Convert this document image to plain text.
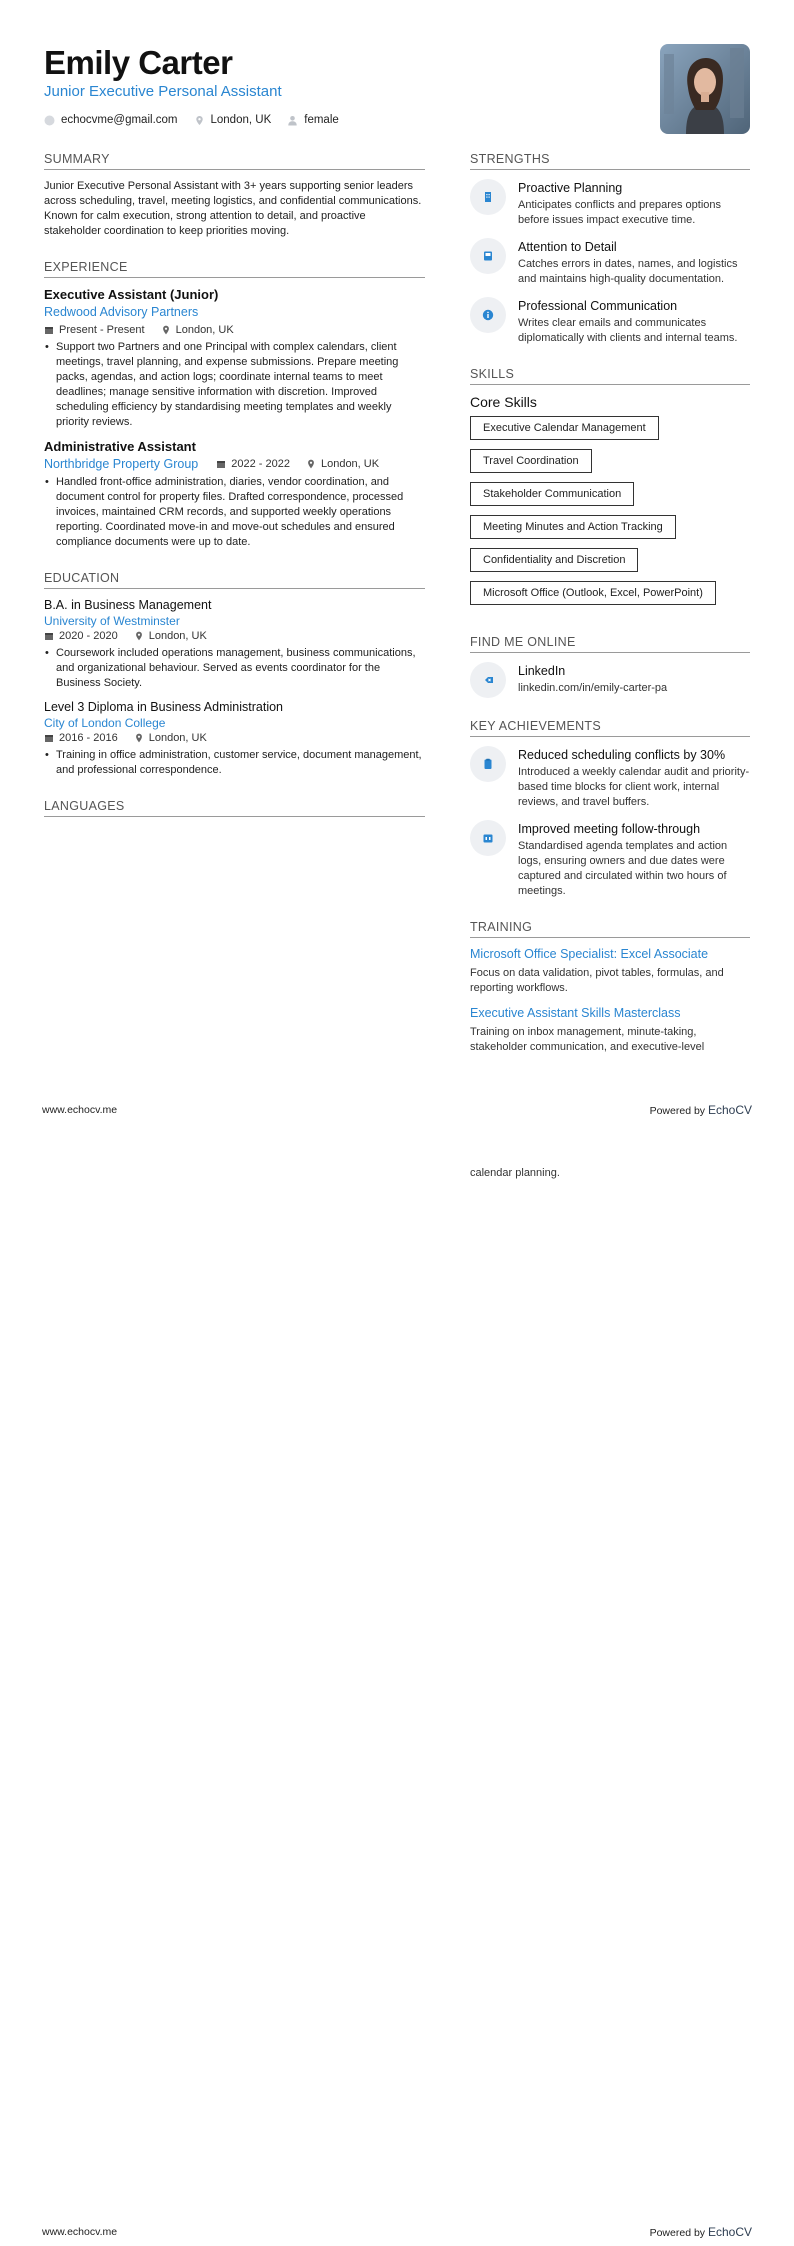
Emily Carter
Junior Executive Personal Assistant
echocvme@gmail.com	London, UK	female
SUMMARY
Junior Executive Personal Assistant with 3+ years supporting senior leaders across scheduling, travel, meeting logistics, and confidential communications. Known for calm execution, strong attention to detail, and proactive stakeholder coordination to keep priorities moving.
EXPERIENCE
Executive Assistant (Junior)
Redwood Advisory Partners
Present - Present	London, UK
• Support two Partners and one Principal with complex calendars, client meetings, travel planning, and expense submissions. Prepare meeting packs, agendas, and action logs; coordinate internal teams to meet deadlines; manage sensitive information with discretion. Improved scheduling efficiency by standardising meeting templates and weekly priority reviews.
Administrative Assistant
Northbridge Property Group	2022 - 2022	London, UK
• Handled front-office administration, diaries, vendor coordination, and document control for property files. Drafted correspondence, processed invoices, maintained CRM records, and supported weekly operations reporting. Coordinated move-in and move-out schedules and ensured compliance documents were up to date.
EDUCATION
B.A. in Business Management
University of Westminster
2020 - 2020	London, UK
• Coursework included operations management, business communications, and organizational behaviour. Served as events coordinator for the Business Society.
Level 3 Diploma in Business Administration
City of London College
2016 - 2016	London, UK
• Training in office administration, customer service, document management, and professional correspondence.
LANGUAGES
STRENGTHS
Proactive Planning
Anticipates conflicts and prepares options before issues impact executive time.
Attention to Detail
Catches errors in dates, names, and logistics and maintains high-quality documentation.
Professional Communication
Writes clear emails and communicates diplomatically with clients and internal teams.
SKILLS
Core Skills
Executive Calendar Management
Travel Coordination
Stakeholder Communication
Meeting Minutes and Action Tracking
Confidentiality and Discretion
Microsoft Office (Outlook, Excel, PowerPoint)
FIND ME ONLINE
LinkedIn
linkedin.com/in/emily-carter-pa
KEY ACHIEVEMENTS
Reduced scheduling conflicts by 30%
Introduced a weekly calendar audit and priority-based time blocks for client work, internal reviews, and travel buffers.
Improved meeting follow-through
Standardised agenda templates and action logs, ensuring owners and due dates were captured and circulated within two hours of meetings.
TRAINING
Microsoft Office Specialist: Excel Associate
Focus on data validation, pivot tables, formulas, and reporting workflows.
Executive Assistant Skills Masterclass
Training on inbox management, minute-taking, stakeholder communication, and executive-level
www.echocv.me	Powered by EchoCV
calendar planning.
www.echocv.me	Powered by EchoCV
